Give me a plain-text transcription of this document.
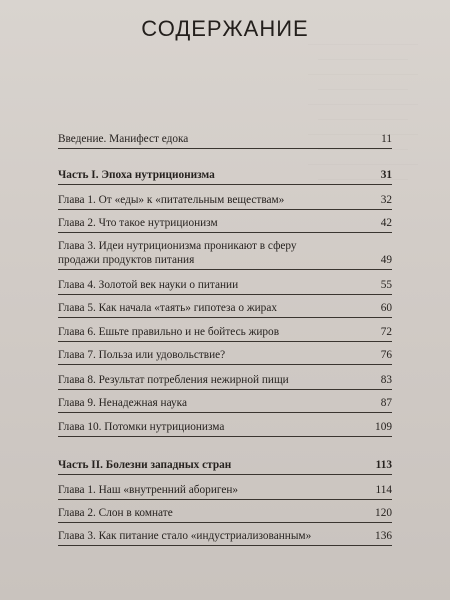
СОДЕРЖАНИЕ
Введение. Манифест едока	11
Часть I. Эпоха нутриционизма	31
Глава 1. От «еды» к «питательным веществам»	32
Глава 2. Что такое нутриционизм	42
Глава 3. Идеи нутриционизма проникают в сферу
продажи продуктов питания	49
Глава 4. Золотой век науки о питании	55
Глава 5. Как начала «таять» гипотеза о жирах	60
Глава 6. Ешьте правильно и не бойтесь жиров	72
Глава 7. Польза или удовольствие?	76
Глава 8. Результат потребления нежирной пищи	83
Глава 9. Ненадежная наука	87
Глава 10. Потомки нутриционизма	109
Часть II. Болезни западных стран	113
Глава 1. Наш «внутренний абориген»	114
Глава 2. Слон в комнате	120
Глава 3. Как питание стало «индустриализованным»	136
